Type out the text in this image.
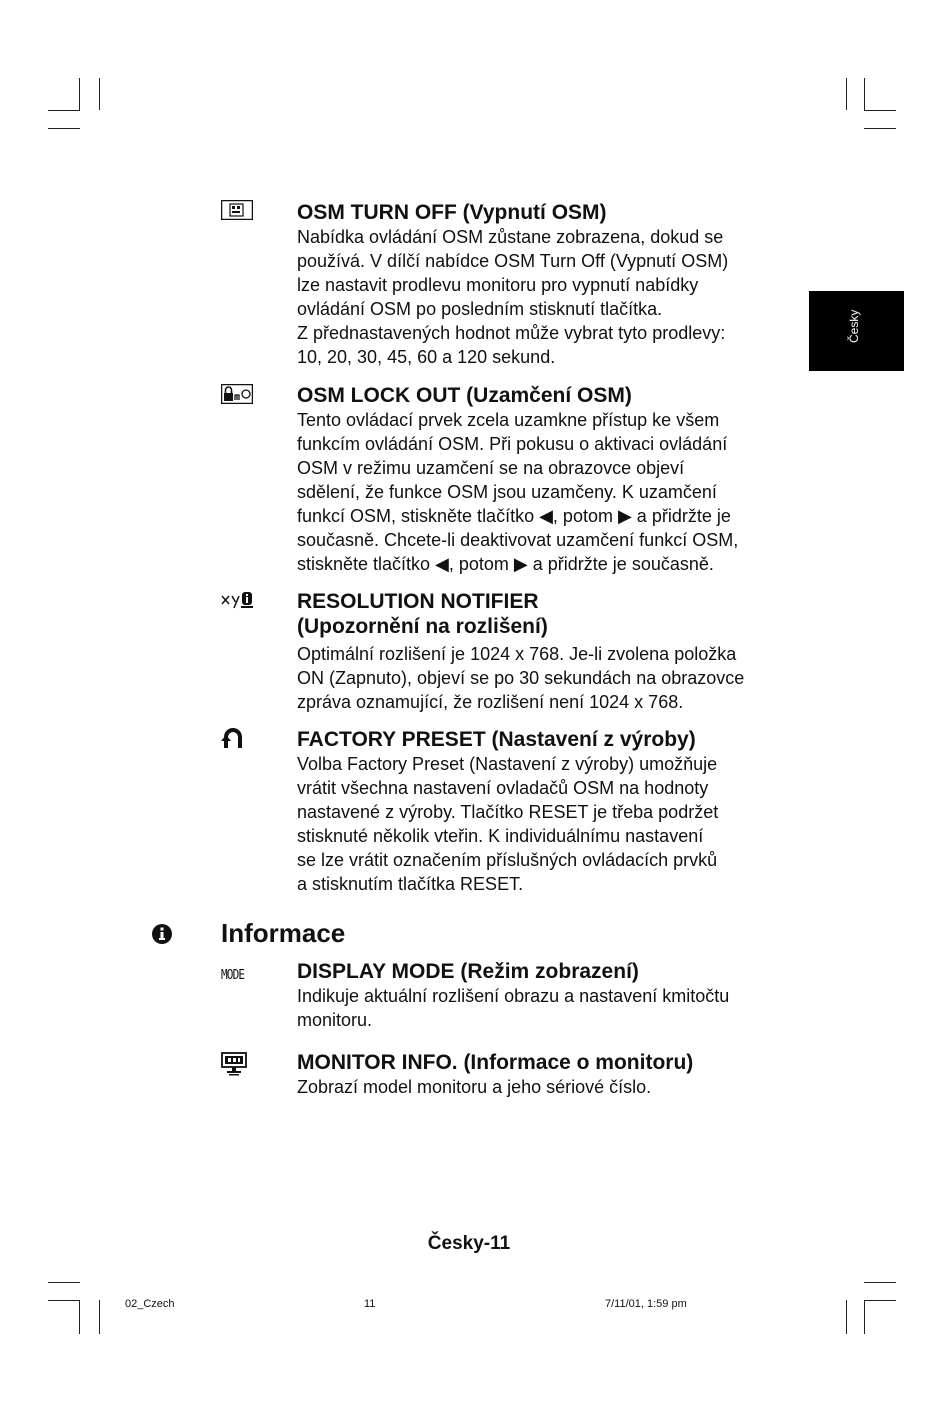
Česky
OSM TURN OFF (Vypnutí OSM)

Nabídka ovládání OSM zůstane zobrazena, dokud se
používá. V dílčí nabídce OSM Turn Off (Vypnutí OSM)
lze nastavit prodlevu monitoru pro vypnutí nabídky
ovládání OSM po posledním stisknutí tlačítka.
Z přednastavených hodnot může vybrat tyto prodlevy:
10, 20, 30, 45, 60 a 120 sekund.

OSM LOCK OUT (Uzamčení OSM)

Tento ovládací prvek zcela uzamkne přístup ke všem
funkcím ovládání OSM. Při pokusu o aktivaci ovládání
OSM v režimu uzamčení se na obrazovce objeví
sdělení, že funkce OSM jsou uzamčeny. K uzamčení
funkcí OSM, stiskněte tlačítko ◀, potom ▶ a přidržte je
současně. Chcete-li deaktivovat uzamčení funkcí OSM,
stiskněte tlačítko ◀, potom ▶ a přidržte je současně.

RESOLUTION NOTIFIER
(Upozornění na rozlišení)

Optimální rozlišení je 1024 x 768. Je-li zvolena položka
ON (Zapnuto), objeví se po 30 sekundách na obrazovce
zpráva oznamující, že rozlišení není 1024 x 768.

FACTORY PRESET (Nastavení z výroby)

Volba Factory Preset (Nastavení z výroby) umožňuje
vrátit všechna nastavení ovladačů OSM na hodnoty
nastavené z výroby. Tlačítko RESET je třeba podržet
stisknuté několik vteřin. K individuálnímu nastavení
se lze vrátit označením příslušných ovládacích prvků
a stisknutím tlačítka RESET.

Informace
MODE	DISPLAY MODE (Režim zobrazení)

Indikuje aktuální rozlišení obrazu a nastavení kmitočtu
monitoru.

MONITOR INFO. (Informace o monitoru)

Zobrazí model monitoru a jeho sériové číslo.

Česky-11
02_Czech	11	7/11/01, 1:59 pm
